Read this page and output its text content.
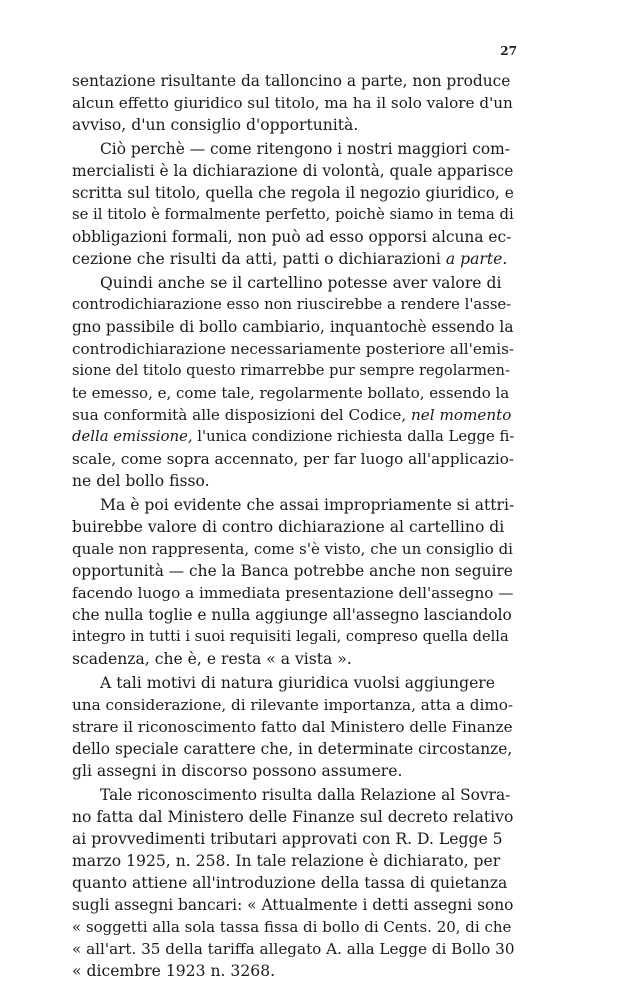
27
sentazione risultante da talloncino a parte, non produce
alcun effetto giuridico sul titolo, ma ha il solo valore d'un
avviso, d'un consiglio d'opportunità.
Ciò perchè — come ritengono i nostri maggiori com-
mercialisti è la dichiarazione di volontà, quale apparisce
scritta sul titolo, quella che regola il negozio giuridico, e
se il titolo è formalmente perfetto, poichè siamo in tema di
obbligazioni formali, non può ad esso opporsi alcuna ec-
cezione che risulti da atti, patti o dichiarazioni a parte.
Quindi anche se il cartellino potesse aver valore di
controdichiarazione esso non riuscirebbe a rendere l'asse-
gno passibile di bollo cambiario, inquantochè essendo la
controdichiarazione necessariamente posteriore all'emis-
sione del titolo questo rimarrebbe pur sempre regolarmen-
te emesso, e, come tale, regolarmente bollato, essendo la
sua conformità alle disposizioni del Codice, nel momento
della emissione, l'unica condizione richiesta dalla Legge fi-
scale, come sopra accennato, per far luogo all'applicazio-
ne del bollo fisso.
Ma è poi evidente che assai impropriamente si attri-
buirebbe valore di contro dichiarazione al cartellino di
quale non rappresenta, come s'è visto, che un consiglio di
opportunità — che la Banca potrebbe anche non seguire
facendo luogo a immediata presentazione dell'assegno —
che nulla toglie e nulla aggiunge all'assegno lasciandolo
integro in tutti i suoi requisiti legali, compreso quella della
scadenza, che è, e resta « a vista ».
A tali motivi di natura giuridica vuolsi aggiungere
una considerazione, di rilevante importanza, atta a dimo-
strare il riconoscimento fatto dal Ministero delle Finanze
dello speciale carattere che, in determinate circostanze,
gli assegni in discorso possono assumere.
Tale riconoscimento risulta dalla Relazione al Sovra-
no fatta dal Ministero delle Finanze sul decreto relativo
ai provvedimenti tributari approvati con R. D. Legge 5
marzo 1925, n. 258. In tale relazione è dichiarato, per
quanto attiene all'introduzione della tassa di quietanza
sugli assegni bancari: « Attualmente i detti assegni sono
« soggetti alla sola tassa fissa di bollo di Cents. 20, di che
« all'art. 35 della tariffa allegato A. alla Legge di Bollo 30
« dicembre 1923 n. 3268.
